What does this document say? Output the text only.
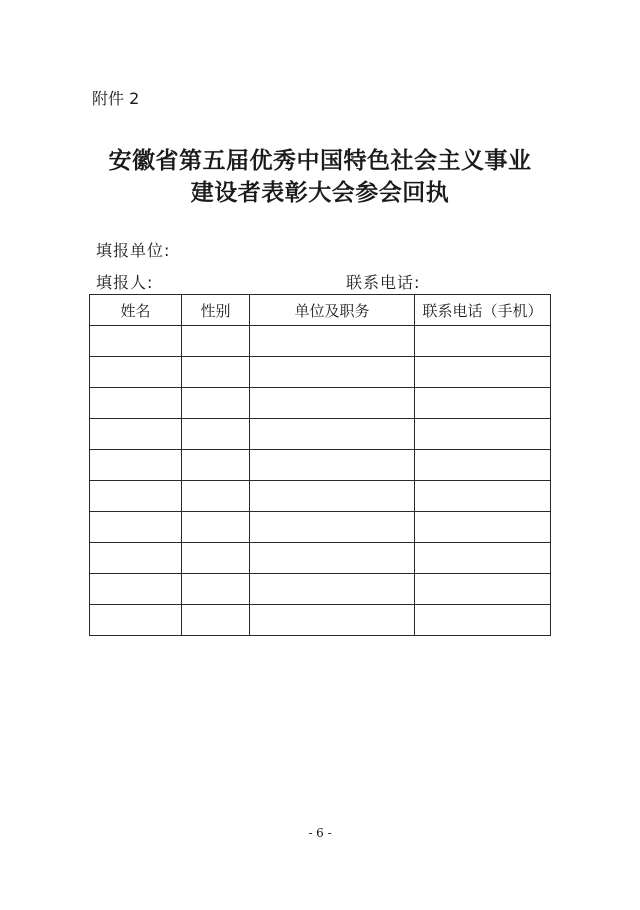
附件 2
安徽省第五届优秀中国特色社会主义事业
建设者表彰大会参会回执
填报单位:
填报人:	联系电话:
姓名	性别	单位及职务	联系电话（手机）

- 6 -
